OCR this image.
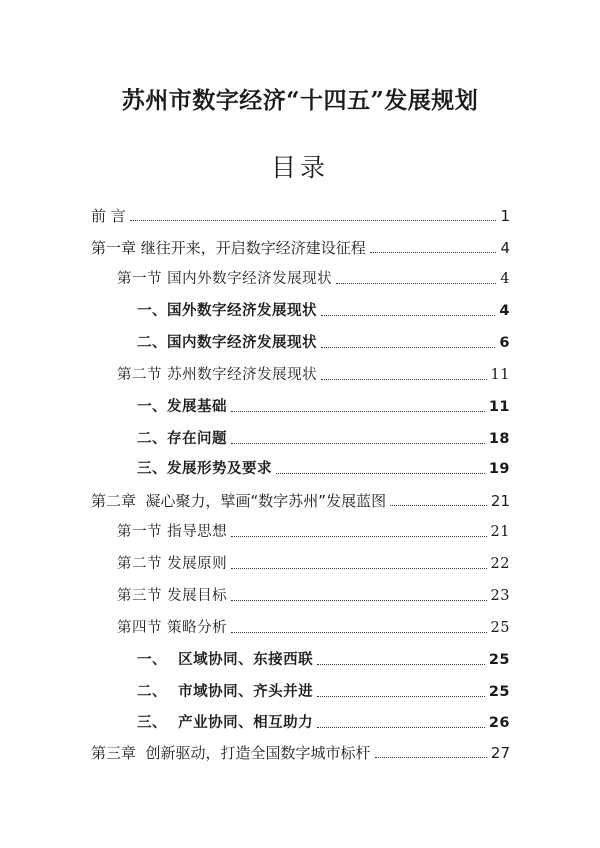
苏州市数字经济“十四五”发展规划
目录
前 言	1
第一章 继往开来，开启数字经济建设征程	4
第一节 国内外数字经济发展现状	4
一、国外数字经济发展现状	4
二、国内数字经济发展现状	6
第二节 苏州数字经济发展现状	11
一、发展基础	11
二、存在问题	18
三、发展形势及要求	19
第二章  凝心聚力，擘画“数字苏州”发展蓝图	21
第一节 指导思想	21
第二节 发展原则	22
第三节 发展目标	23
第四节 策略分析	25
一、  区域协同、东接西联	25
二、  市域协同、齐头并进	25
三、  产业协同、相互助力	26
第三章  创新驱动，打造全国数字城市标杆	27
